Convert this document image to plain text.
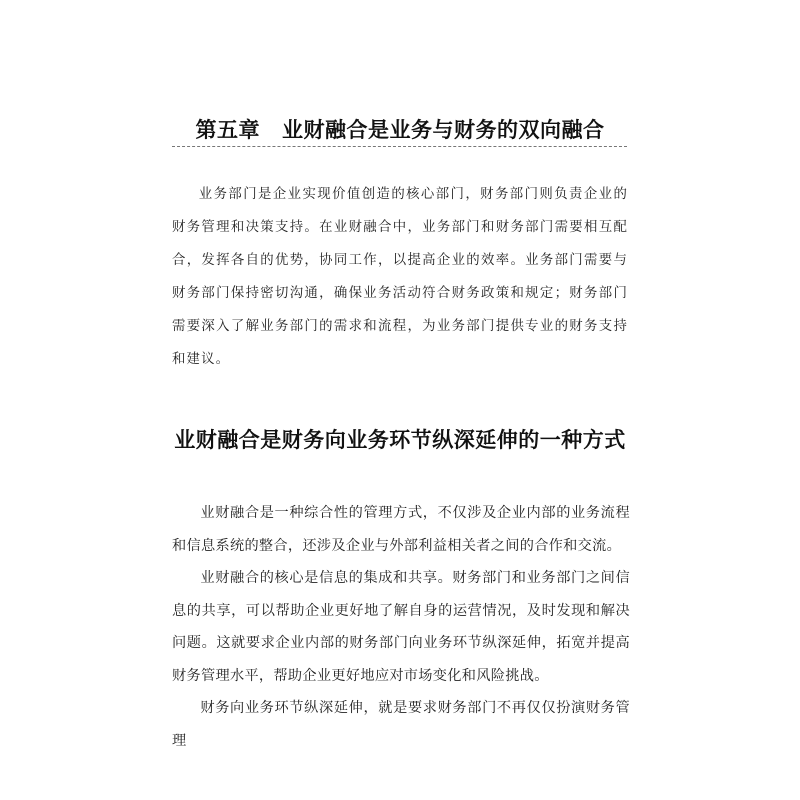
第五章 业财融合是业务与财务的双向融合

业务部门是企业实现价值创造的核心部门，财务部门则负责企业的财务管理和决策支持。在业财融合中，业务部门和财务部门需要相互配合，发挥各自的优势，协同工作，以提高企业的效率。业务部门需要与财务部门保持密切沟通，确保业务活动符合财务政策和规定；财务部门需要深入了解业务部门的需求和流程，为业务部门提供专业的财务支持和建议。

业财融合是财务向业务环节纵深延伸的一种方式

业财融合是一种综合性的管理方式，不仅涉及企业内部的业务流程和信息系统的整合，还涉及企业与外部利益相关者之间的合作和交流。

业财融合的核心是信息的集成和共享。财务部门和业务部门之间信息的共享，可以帮助企业更好地了解自身的运营情况，及时发现和解决问题。这就要求企业内部的财务部门向业务环节纵深延伸，拓宽并提高财务管理水平，帮助企业更好地应对市场变化和风险挑战。

财务向业务环节纵深延伸，就是要求财务部门不再仅仅扮演财务管理
